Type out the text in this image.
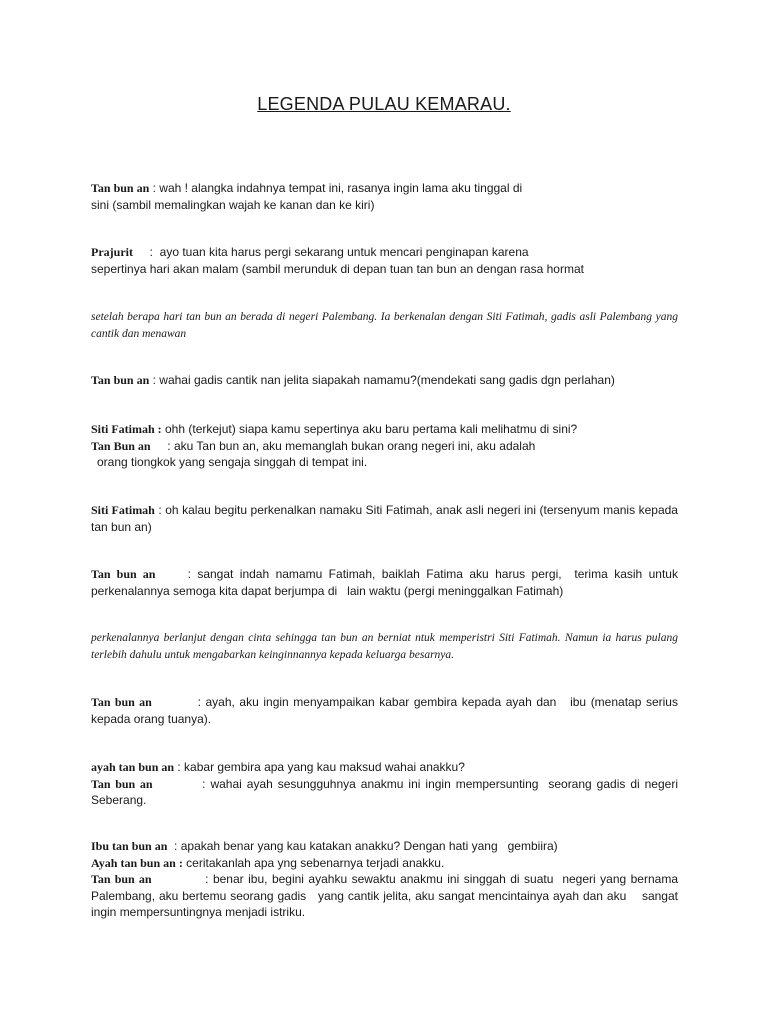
LEGENDA PULAU KEMARAU.
Tan bun an : wah ! alangka indahnya tempat ini, rasanya ingin lama aku tinggal di
sini (sambil memalingkan wajah ke kanan dan ke kiri)
Prajurit     :  ayo tuan kita harus pergi sekarang untuk mencari penginapan karena
sepertinya hari akan malam (sambil merunduk di depan tuan tan bun an dengan rasa hormat
setelah berapa hari tan bun an berada di negeri Palembang. Ia berkenalan dengan Siti Fatimah, gadis asli Palembang yang cantik dan menawan
Tan bun an : wahai gadis cantik nan jelita siapakah namamu?(mendekati sang gadis dgn perlahan)
Siti Fatimah : ohh (terkejut) siapa kamu sepertinya aku baru pertama kali melihatmu di sini?
Tan Bun an     : aku Tan bun an, aku memanglah bukan orang negeri ini, aku adalah
orang tiongkok yang sengaja singgah di tempat ini.
Siti Fatimah : oh kalau begitu perkenalkan namaku Siti Fatimah, anak asli negeri ini (tersenyum manis kepada tan bun an)
Tan bun an     : sangat indah namamu Fatimah, baiklah Fatima aku harus pergi,  terima kasih untuk perkenalannya semoga kita dapat berjumpa di   lain waktu (pergi meninggalkan Fatimah)
perkenalannya berlanjut dengan cinta sehingga tan bun an berniat ntuk memperistri Siti Fatimah. Namun ia harus pulang terlebih dahulu untuk mengabarkan keinginnannya kepada keluarga besarnya.
Tan bun an          : ayah, aku ingin menyampaikan kabar gembira kepada ayah dan   ibu (menatap serius kepada orang tuanya).
ayah tan bun an : kabar gembira apa yang kau maksud wahai anakku?
Tan bun an          : wahai ayah sesungguhnya anakmu ini ingin mempersunting  seorang gadis di negeri Seberang.
Ibu tan bun an  : apakah benar yang kau katakan anakku? Dengan hati yang   gembiira)
Ayah tan bun an : ceritakanlah apa yng sebenarnya terjadi anakku.
Tan bun an            : benar ibu, begini ayahku sewaktu anakmu ini singgah di suatu  negeri yang bernama Palembang, aku bertemu seorang gadis   yang cantik jelita, aku sangat mencintainya ayah dan aku    sangat ingin mempersuntingnya menjadi istriku.
